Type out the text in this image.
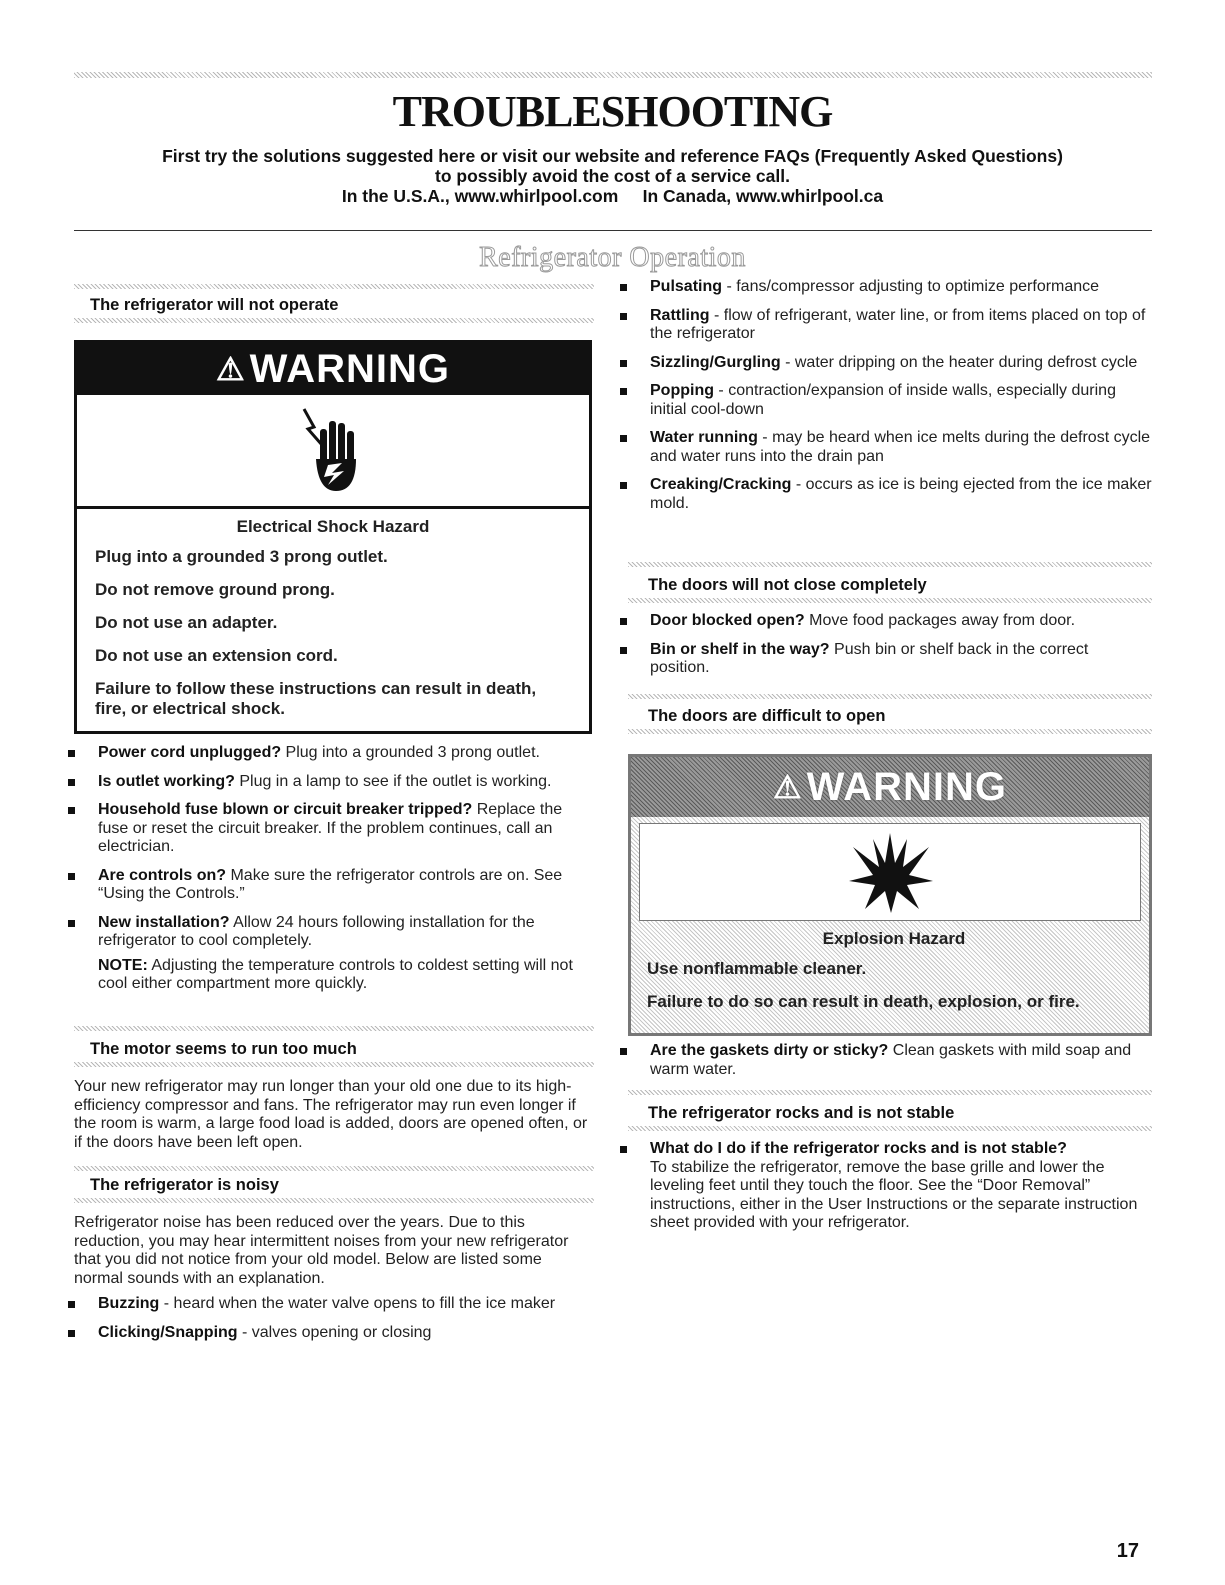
TROUBLESHOOTING
First try the solutions suggested here or visit our website and reference FAQs (Frequently Asked Questions)
to possibly avoid the cost of a service call.
In the U.S.A., www.whirlpool.com     In Canada, www.whirlpool.ca
Refrigerator Operation
The refrigerator will not operate
⚠ WARNING
Electrical Shock Hazard
Plug into a grounded 3 prong outlet.
Do not remove ground prong.
Do not use an adapter.
Do not use an extension cord.
Failure to follow these instructions can result in death, fire, or electrical shock.
Power cord unplugged? Plug into a grounded 3 prong outlet.
Is outlet working? Plug in a lamp to see if the outlet is working.
Household fuse blown or circuit breaker tripped? Replace the fuse or reset the circuit breaker. If the problem continues, call an electrician.
Are controls on? Make sure the refrigerator controls are on. See “Using the Controls.”
New installation? Allow 24 hours following installation for the refrigerator to cool completely.
NOTE: Adjusting the temperature controls to coldest setting will not cool either compartment more quickly.
The motor seems to run too much
Your new refrigerator may run longer than your old one due to its high-efficiency compressor and fans. The refrigerator may run even longer if the room is warm, a large food load is added, doors are opened often, or if the doors have been left open.
The refrigerator is noisy
Refrigerator noise has been reduced over the years. Due to this reduction, you may hear intermittent noises from your new refrigerator that you did not notice from your old model. Below are listed some normal sounds with an explanation.
Buzzing - heard when the water valve opens to fill the ice maker
Clicking/Snapping - valves opening or closing
Pulsating - fans/compressor adjusting to optimize performance
Rattling - flow of refrigerant, water line, or from items placed on top of the refrigerator
Sizzling/Gurgling - water dripping on the heater during defrost cycle
Popping - contraction/expansion of inside walls, especially during initial cool-down
Water running - may be heard when ice melts during the defrost cycle and water runs into the drain pan
Creaking/Cracking - occurs as ice is being ejected from the ice maker mold.
The doors will not close completely
Door blocked open? Move food packages away from door.
Bin or shelf in the way? Push bin or shelf back in the correct position.
The doors are difficult to open
⚠ WARNING
Explosion Hazard
Use nonflammable cleaner.
Failure to do so can result in death, explosion, or fire.
Are the gaskets dirty or sticky? Clean gaskets with mild soap and warm water.
The refrigerator rocks and is not stable
What do I do if the refrigerator rocks and is not stable?
To stabilize the refrigerator, remove the base grille and lower the leveling feet until they touch the floor. See the “Door Removal” instructions, either in the User Instructions or the separate instruction sheet provided with your refrigerator.
17
